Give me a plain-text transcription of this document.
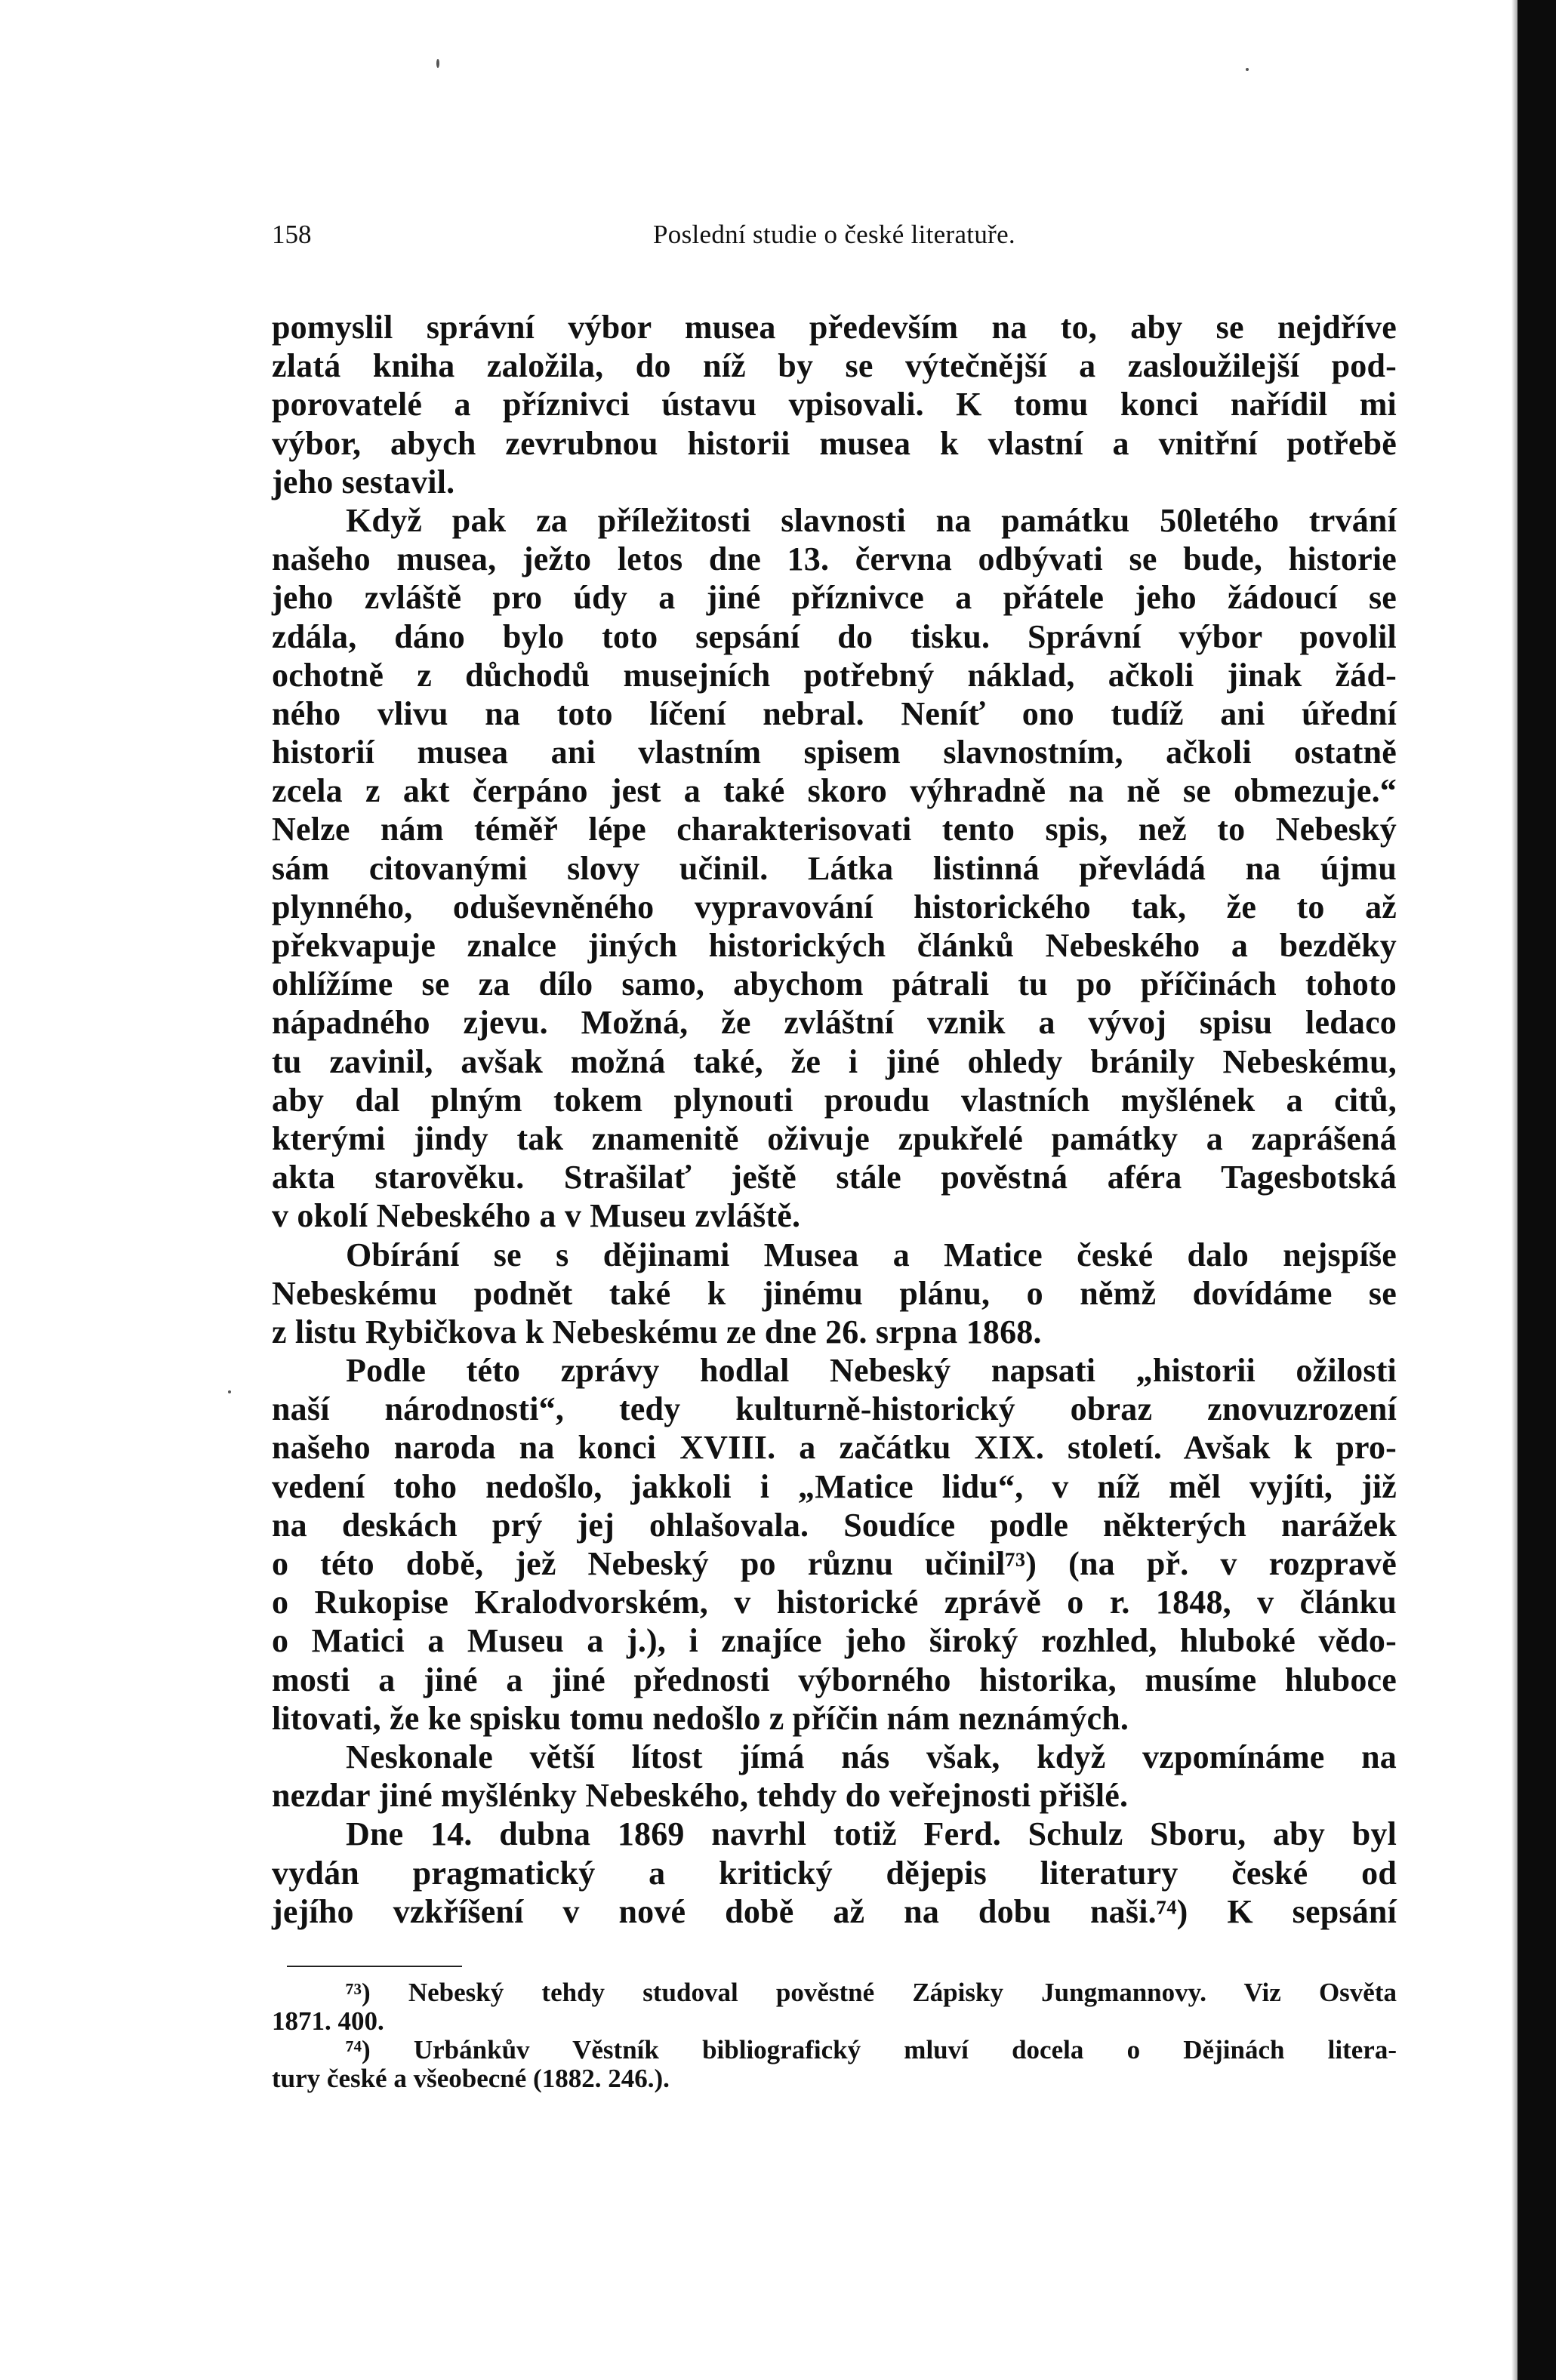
158	Poslední studie o české literatuře.
pomyslil správní výbor musea především na to, aby se nejdříve
zlatá kniha založila, do níž by se výtečnější a zasloužilejší pod-
porovatelé a příznivci ústavu vpisovali. K tomu konci nařídil mi
výbor, abych zevrubnou historii musea k vlastní a vnitřní potřebě
jeho sestavil.
Když pak za příležitosti slavnosti na památku 50letého trvání
našeho musea, ježto letos dne 13. června odbývati se bude, historie
jeho zvláště pro údy a jiné příznivce a přátele jeho žádoucí se
zdála, dáno bylo toto sepsání do tisku. Správní výbor povolil
ochotně z důchodů musejních potřebný náklad, ačkoli jinak žád-
ného vlivu na toto líčení nebral. Neníť ono tudíž ani úřední
historií musea ani vlastním spisem slavnostním, ačkoli ostatně
zcela z akt čerpáno jest a také skoro výhradně na ně se obmezuje.“
Nelze nám téměř lépe charakterisovati tento spis, než to Nebeský
sám citovanými slovy učinil. Látka listinná převládá na újmu
plynného, oduševněného vypravování historického tak, že to až
překvapuje znalce jiných historických článků Nebeského a bezděky
ohlížíme se za dílo samo, abychom pátrali tu po příčinách tohoto
nápadného zjevu. Možná, že zvláštní vznik a vývoj spisu ledaco
tu zavinil, avšak možná také, že i jiné ohledy bránily Nebeskému,
aby dal plným tokem plynouti proudu vlastních myšlének a citů,
kterými jindy tak znamenitě oživuje zpukřelé památky a zaprášená
akta starověku. Strašilať ještě stále pověstná aféra Tagesbotská
v okolí Nebeského a v Museu zvláště.
Obírání se s dějinami Musea a Matice české dalo nejspíše
Nebeskému podnět také k jinému plánu, o němž dovídáme se
z listu Rybičkova k Nebeskému ze dne 26. srpna 1868.
Podle této zprávy hodlal Nebeský napsati „historii ožilosti
naší národnosti“, tedy kulturně-historický obraz znovuzrození
našeho naroda na konci XVIII. a začátku XIX. století. Avšak k pro-
vedení toho nedošlo, jakkoli i „Matice lidu“, v níž měl vyjíti, již
na deskách prý jej ohlašovala. Soudíce podle některých narážek
o této době, jež Nebeský po různu učinil⁷³) (na př. v rozpravě
o Rukopise Kralodvorském, v historické zprávě o r. 1848, v článku
o Matici a Museu a j.), i znajíce jeho široký rozhled, hluboké vědo-
mosti a jiné a jiné přednosti výborného historika, musíme hluboce
litovati, že ke spisku tomu nedošlo z příčin nám neznámých.
Neskonale větší lítost jímá nás však, když vzpomínáme na
nezdar jiné myšlénky Nebeského, tehdy do veřejnosti přišlé.
Dne 14. dubna 1869 navrhl totiž Ferd. Schulz Sboru, aby byl
vydán pragmatický a kritický dějepis literatury české od
jejího vzkříšení v nové době až na dobu naši.⁷⁴) K sepsání
⁷³) Nebeský tehdy studoval pověstné Zápisky Jungmannovy. Viz Osvěta
1871. 400.
⁷⁴) Urbánkův Věstník bibliografický mluví docela o Dějinách litera-
tury české a všeobecné (1882. 246.).
